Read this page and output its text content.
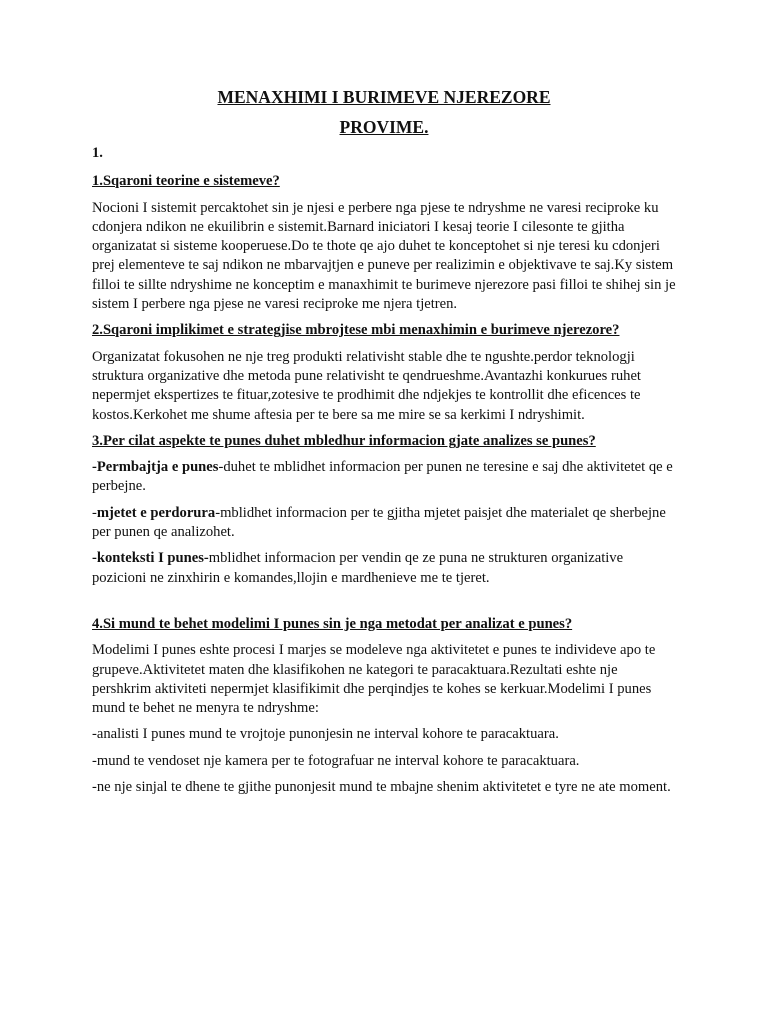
MENAXHIMI I BURIMEVE NJEREZORE
PROVIME.
1.
1.Sqaroni teorine e sistemeve?

Nocioni I sistemit percaktohet sin je njesi e perbere nga pjese te ndryshme ne varesi reciproke ku cdonjera ndikon ne ekuilibrin e sistemit.Barnard iniciatori I kesaj teorie I cilesonte te gjitha organizatat si sisteme kooperuese.Do te thote qe ajo duhet te konceptohet si nje teresi ku cdonjeri prej elementeve te saj ndikon ne mbarvajtjen e puneve per realizimin e objektivave te saj.Ky sistem filloi te sillte ndryshime ne konceptim e manaxhimit te burimeve njerezore pasi filloi te shihej sin je sistem I perbere nga pjese ne varesi reciproke me njera tjetren.

2.Sqaroni implikimet e strategjise mbrojtese mbi menaxhimin e burimeve njerezore?

Organizatat fokusohen ne nje treg produkti relativisht stable dhe te ngushte.perdor teknologji struktura organizative dhe metoda pune relativisht te qendrueshme.Avantazhi konkurues ruhet nepermjet ekspertizes te fituar,zotesive te prodhimit dhe ndjekjes te kontrollit dhe eficences te kostos.Kerkohet me shume aftesia per te bere sa me mire se sa kerkimi I ndryshimit.

3.Per cilat aspekte te punes duhet mbledhur informacion gjate analizes se punes?

-Permbajtja e punes-duhet te mblidhet informacion per punen ne teresine e saj dhe aktivitetet qe e perbejne.

-mjetet e perdorura-mblidhet informacion per te gjitha mjetet paisjet dhe materialet qe sherbejne per punen qe analizohet.

-konteksti I punes-mblidhet informacion per vendin qe ze puna ne strukturen organizative pozicioni ne zinxhirin e komandes,llojin e mardhenieve me te tjeret.

4.Si mund te behet modelimi I punes sin je nga metodat per analizat e punes?

Modelimi I punes eshte procesi I marjes se modeleve nga aktivitetet e punes te individeve apo te grupeve.Aktivitetet maten dhe klasifikohen ne kategori te paracaktuara.Rezultati eshte nje pershkrim aktiviteti nepermjet klasifikimit dhe perqindjes te kohes se kerkuar.Modelimi I punes mund te behet ne menyra te ndryshme:

-analisti I punes mund te vrojtoje punonjesin ne interval kohore te paracaktuara.

-mund te vendoset nje kamera per te fotografuar ne interval kohore te paracaktuara.

-ne nje sinjal te dhene te gjithe punonjesit mund te mbajne shenim aktivitetet e tyre ne ate moment.
